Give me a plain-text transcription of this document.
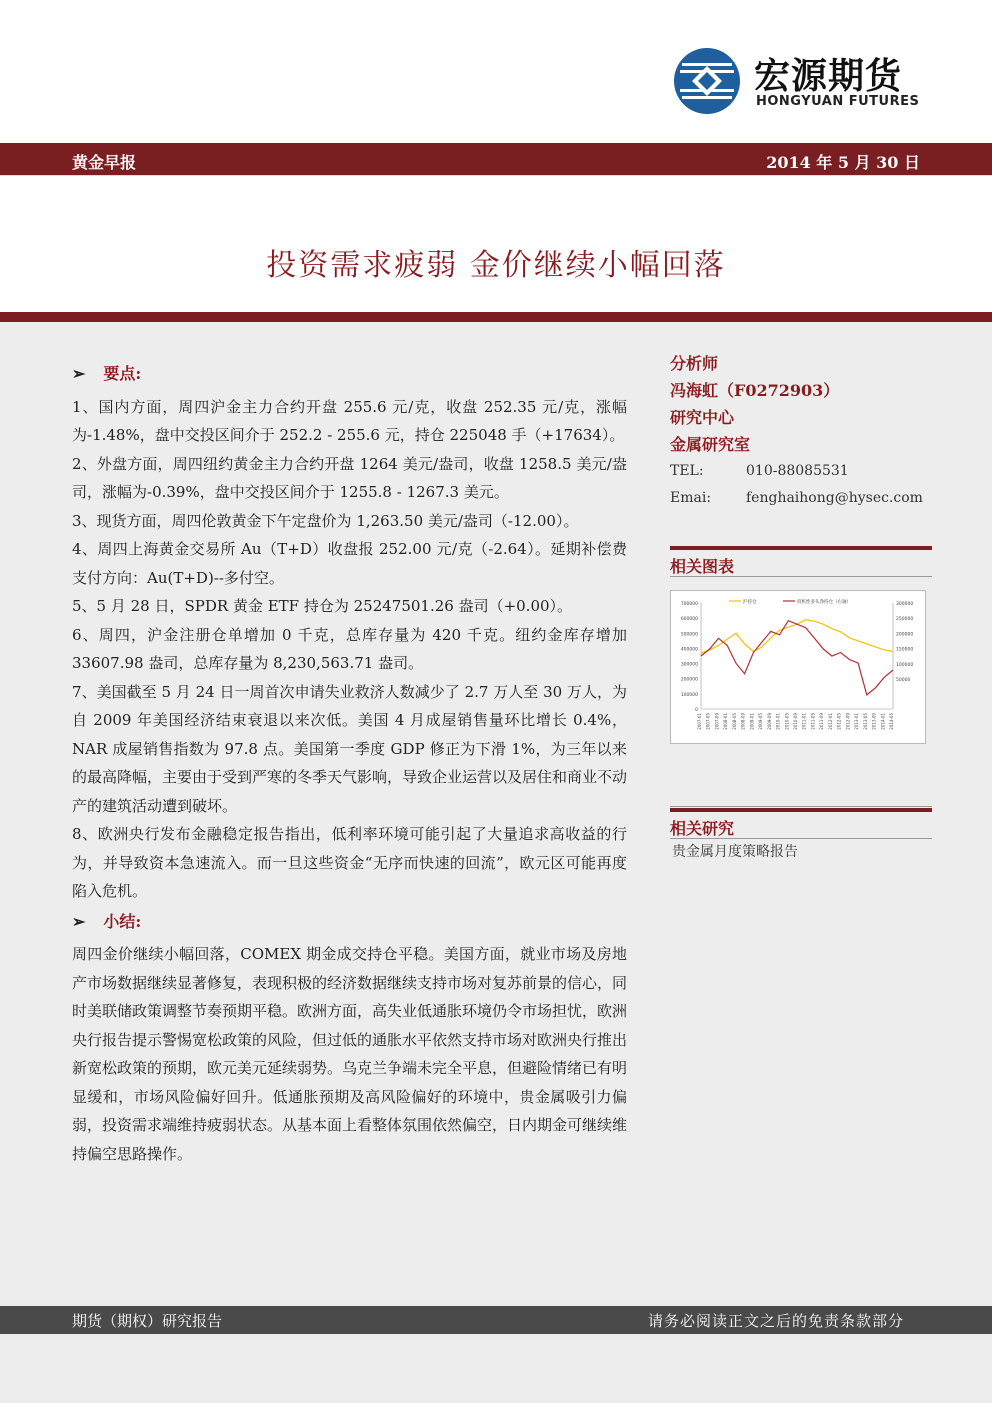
宏源期货
HONGYUAN FUTURES
黄金早报	2014 年 5 月 30 日
投资需求疲弱 金价继续小幅回落
➢ 要点:

1、国内方面，周四沪金主力合约开盘 255.6 元/克，收盘 252.35 元/克，涨幅为-1.48%，盘中交投区间介于 252.2 - 255.6 元，持仓 225048 手（+17634）。

2、外盘方面，周四纽约黄金主力合约开盘 1264 美元/盎司，收盘 1258.5 美元/盎司，涨幅为-0.39%，盘中交投区间介于 1255.8 - 1267.3 美元。

3、现货方面，周四伦敦黄金下午定盘价为 1,263.50 美元/盎司（-12.00）。

4、周四上海黄金交易所 Au（T+D）收盘报 252.00 元/克（-2.64）。延期补偿费支付方向：Au(T+D)--多付空。

5、5 月 28 日，SPDR 黄金 ETF 持仓为 25247501.26 盎司（+0.00）。

6、周四，沪金注册仓单增加 0 千克，总库存量为 420 千克。纽约金库存增加 33607.98 盎司，总库存量为 8,230,563.71 盎司。

7、美国截至 5 月 24 日一周首次申请失业救济人数减少了 2.7 万人至 30 万人，为自 2009 年美国经济结束衰退以来次低。美国 4 月成屋销售量环比增长 0.4%，NAR 成屋销售指数为 97.8 点。美国第一季度 GDP 修正为下滑 1%，为三年以来的最高降幅，主要由于受到严寒的冬季天气影响，导致企业运营以及居住和商业不动产的建筑活动遭到破坏。

8、欧洲央行发布金融稳定报告指出，低利率环境可能引起了大量追求高收益的行为，并导致资本急速流入。而一旦这些资金“无序而快速的回流”，欧元区可能再度陷入危机。

➢ 小结:

周四金价继续小幅回落，COMEX 期金成交持仓平稳。美国方面，就业市场及房地产市场数据继续显著修复，表现积极的经济数据继续支持市场对复苏前景的信心，同时美联储政策调整节奏预期平稳。欧洲方面，高失业低通胀环境仍令市场担忧，欧洲央行报告提示警惕宽松政策的风险，但过低的通胀水平依然支持市场对欧洲央行推出新宽松政策的预期，欧元美元延续弱势。乌克兰争端未完全平息，但避险情绪已有明显缓和，市场风险偏好回升。低通胀预期及高风险偏好的环境中，贵金属吸引力偏弱，投资需求端维持疲弱状态。从基本面上看整体氛围依然偏空，日内期金可继续维持偏空思路操作。

分析师
冯海虹（F0272903）
研究中心
金属研究室
TEL:	010-88085531
Emai: fenghaihong@hysec.com
相关图表
700000
600000
500000
400000
300000
200000
100000
0
300000
250000
200000
150000
100000
50000
2007-01 2007-05 2007-09 2008-01 2008-05 2008-09 2009-01 2009-05 2009-09 2010-01 2010-05 2010-09 2011-01 2011-05 2011-09 2012-01 2012-05 2012-09 2013-01 2013-05 2013-09 2014-01 2014-05
沪持仓	投机性多头净持仓（右轴）
相关研究
贵金属月度策略报告
期货（期权）研究报告	请务必阅读正文之后的免责条款部分
